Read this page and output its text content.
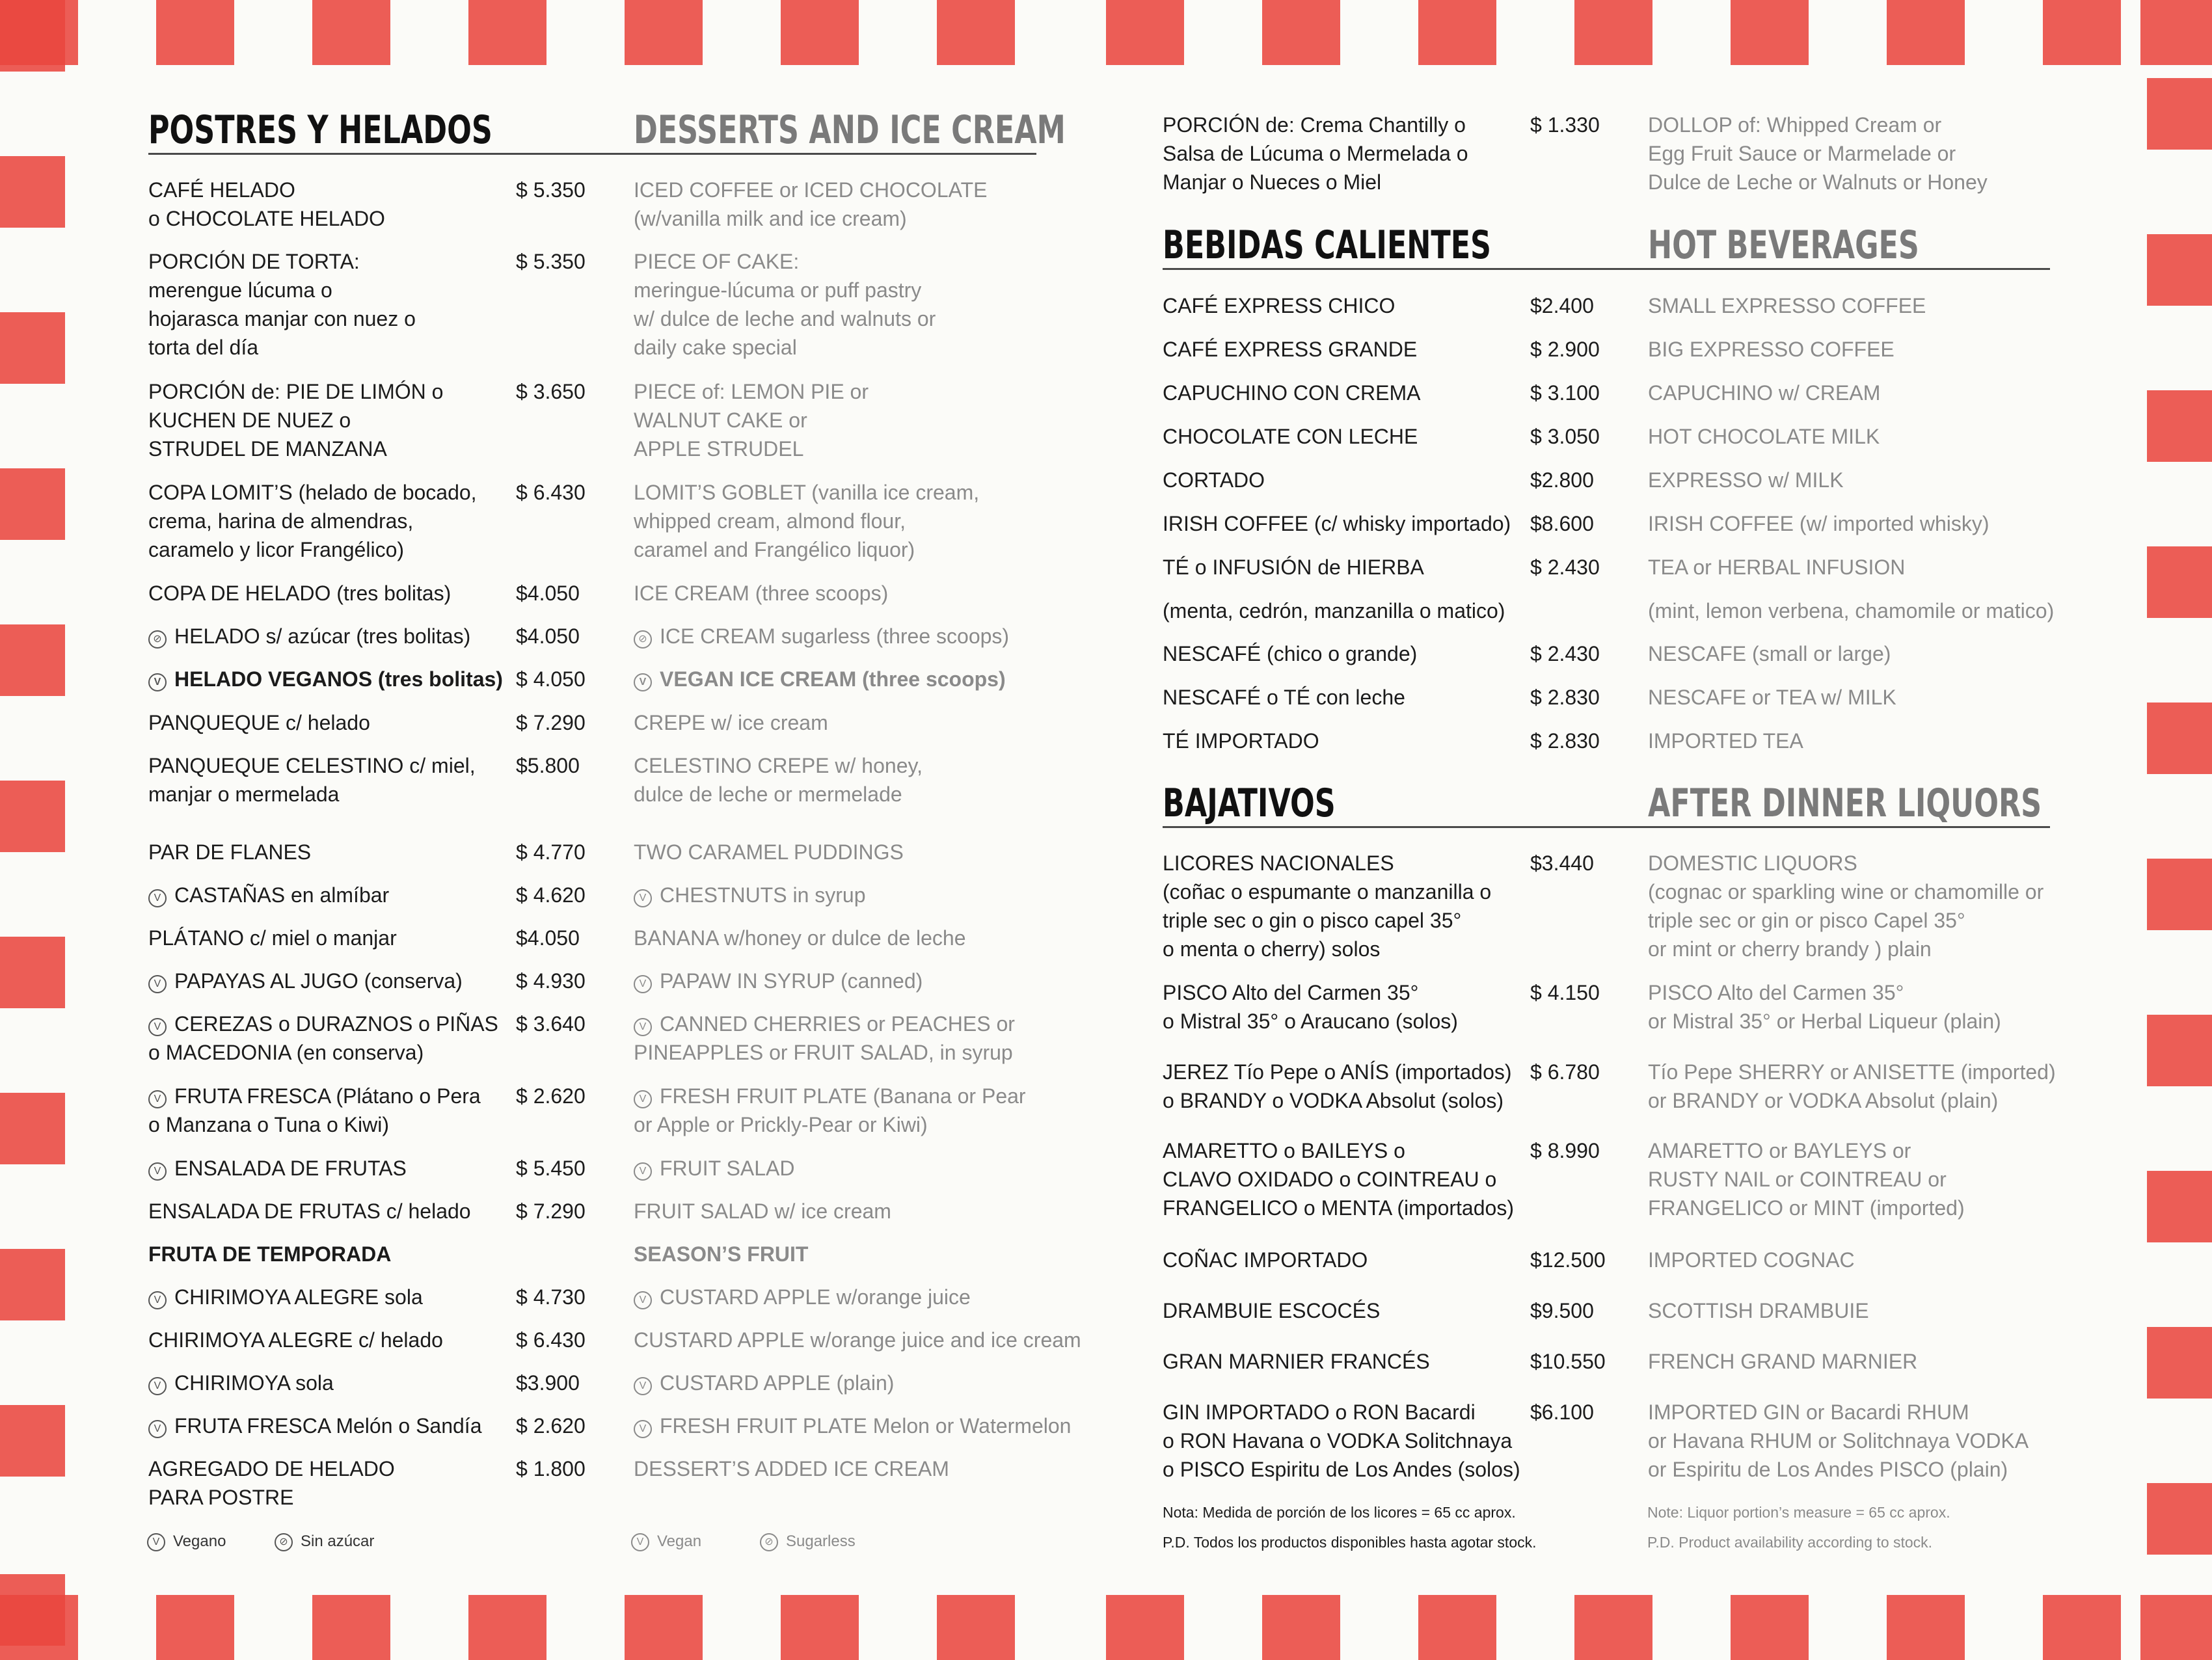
POSTRES Y HELADOS	DESSERTS AND ICE CREAM
BEBIDAS CALIENTES	HOT BEVERAGES
BAJATIVOS	AFTER DINNER LIQUORS
CAFÉ HELADO
o CHOCOLATE HELADO
$ 5.350 ICED COFFEE or ICED CHOCOLATE
(w/vanilla milk and ice cream)
PORCIÓN DE TORTA:
merengue lúcuma o
hojarasca manjar con nuez o
torta del día
$ 5.350 PIECE OF CAKE:
meringue-lúcuma or puff pastry
w/ dulce de leche and walnuts or
daily cake special
PORCIÓN de: PIE DE LIMÓN o
KUCHEN DE NUEZ o
STRUDEL DE MANZANA
$ 3.650 PIECE of: LEMON PIE or
WALNUT CAKE or
APPLE STRUDEL
COPA LOMIT’S (helado de bocado,
crema, harina de almendras,
caramelo y licor Frangélico)
$ 6.430 LOMIT’S GOBLET (vanilla ice cream,
whipped cream, almond flour,
caramel and Frangélico liquor)
COPA DE HELADO (tres bolitas)	$4.050	ICE CREAM (three scoops)
⊘ HELADO s/ azúcar (tres bolitas) $4.050	⊘ ICE CREAM sugarless (three scoops)
V HELADO VEGANOS (tres bolitas) $ 4.050	V VEGAN ICE CREAM (three scoops)
PANQUEQUE c/ helado	$ 7.290 CREPE w/ ice cream
PANQUEQUE CELESTINO c/ miel,
manjar o mermelada
$5.800	CELESTINO CREPE w/ honey,
dulce de leche or mermelade
PAR DE FLANES	$ 4.770 TWO CARAMEL PUDDINGS
V CASTAÑAS en almíbar	$ 4.620	V CHESTNUTS in syrup
PLÁTANO c/ miel o manjar	$4.050	BANANA w/honey or dulce de leche
V PAPAYAS AL JUGO (conserva)	$ 4.930	V PAPAW IN SYRUP (canned)
V CEREZAS o DURAZNOS o PIÑAS
o MACEDONIA (en conserva)
$ 3.640	V CANNED CHERRIES or PEACHES or
PINEAPPLES or FRUIT SALAD, in syrup
V FRUTA FRESCA (Plátano o Pera
o Manzana o Tuna o Kiwi)
$ 2.620	V FRESH FRUIT PLATE (Banana or Pear
or Apple or Prickly-Pear or Kiwi)
V ENSALADA DE FRUTAS	$ 5.450	V FRUIT SALAD
ENSALADA DE FRUTAS c/ helado $ 7.290 FRUIT SALAD w/ ice cream
FRUTA DE TEMPORADA	SEASON’S FRUIT
V CHIRIMOYA ALEGRE sola	$ 4.730	V CUSTARD APPLE w/orange juice
CHIRIMOYA ALEGRE c/ helado	$ 6.430 CUSTARD APPLE w/orange juice and ice cream
V CHIRIMOYA sola	$3.900	V CUSTARD APPLE (plain)
V FRUTA FRESCA Melón o Sandía $ 2.620	V FRESH FRUIT PLATE Melon or Watermelon
AGREGADO DE HELADO
PARA POSTRE
$ 1.800 DESSERT’S ADDED ICE CREAM
PORCIÓN de: Crema Chantilly o
Salsa de Lúcuma o Mermelada o
Manjar o Nueces o Miel
$ 1.330 DOLLOP of: Whipped Cream or
Egg Fruit Sauce or Marmelade or
Dulce de Leche or Walnuts or Honey
CAFÉ EXPRESS CHICO	$2.400	SMALL EXPRESSO COFFEE
CAFÉ EXPRESS GRANDE	$ 2.900 BIG EXPRESSO COFFEE
CAPUCHINO CON CREMA	$ 3.100 CAPUCHINO w/ CREAM
CHOCOLATE CON LECHE	$ 3.050 HOT CHOCOLATE MILK
CORTADO	$2.800	EXPRESSO w/ MILK
IRISH COFFEE (c/ whisky importado) $8.600	IRISH COFFEE (w/ imported whisky)
TÉ o INFUSIÓN de HIERBA	$ 2.430 TEA or HERBAL INFUSION
(menta, cedrón, manzanilla o matico)	(mint, lemon verbena, chamomile or matico)
NESCAFÉ (chico o grande)	$ 2.430 NESCAFE (small or large)
NESCAFÉ o TÉ con leche	$ 2.830 NESCAFE or TEA w/ MILK
TÉ IMPORTADO	$ 2.830 IMPORTED TEA
LICORES NACIONALES
(coñac o espumante o manzanilla o
triple sec o gin o pisco capel 35°
o menta o cherry) solos
$3.440	DOMESTIC LIQUORS
(cognac or sparkling wine or chamomille or
triple sec or gin or pisco Capel 35°
or mint or cherry brandy ) plain
PISCO Alto del Carmen 35°
o Mistral 35° o Araucano (solos)
$ 4.150 PISCO Alto del Carmen 35°
or Mistral 35° or Herbal Liqueur (plain)
JEREZ Tío Pepe o ANÍS (importados)
o BRANDY o VODKA Absolut (solos)
$ 6.780 Tío Pepe SHERRY or ANISETTE (imported)
or BRANDY or VODKA Absolut (plain)
AMARETTO o BAILEYS o
CLAVO OXIDADO o COINTREAU o
FRANGELICO o MENTA (importados)
$ 8.990 AMARETTO or BAYLEYS or
RUSTY NAIL or COINTREAU or
FRANGELICO or MINT (imported)
COÑAC IMPORTADO	$12.500 IMPORTED COGNAC
DRAMBUIE ESCOCÉS	$9.500	SCOTTISH DRAMBUIE
GRAN MARNIER FRANCÉS	$10.550 FRENCH GRAND MARNIER
GIN IMPORTADO o RON Bacardi
o RON Havana o VODKA Solitchnaya
o PISCO Espiritu de Los Andes (solos)
$6.100	IMPORTED GIN or Bacardi RHUM
or Havana RHUM or Solitchnaya VODKA
or Espiritu de Los Andes PISCO (plain)
V Vegano	⊘ Sin azúcar	V Vegan	⊘ Sugarless
Nota: Medida de porción de los licores = 65 cc aprox.
P.D. Todos los productos disponibles hasta agotar stock.
Note: Liquor portion’s measure = 65 cc aprox.
P.D. Product availability according to stock.
